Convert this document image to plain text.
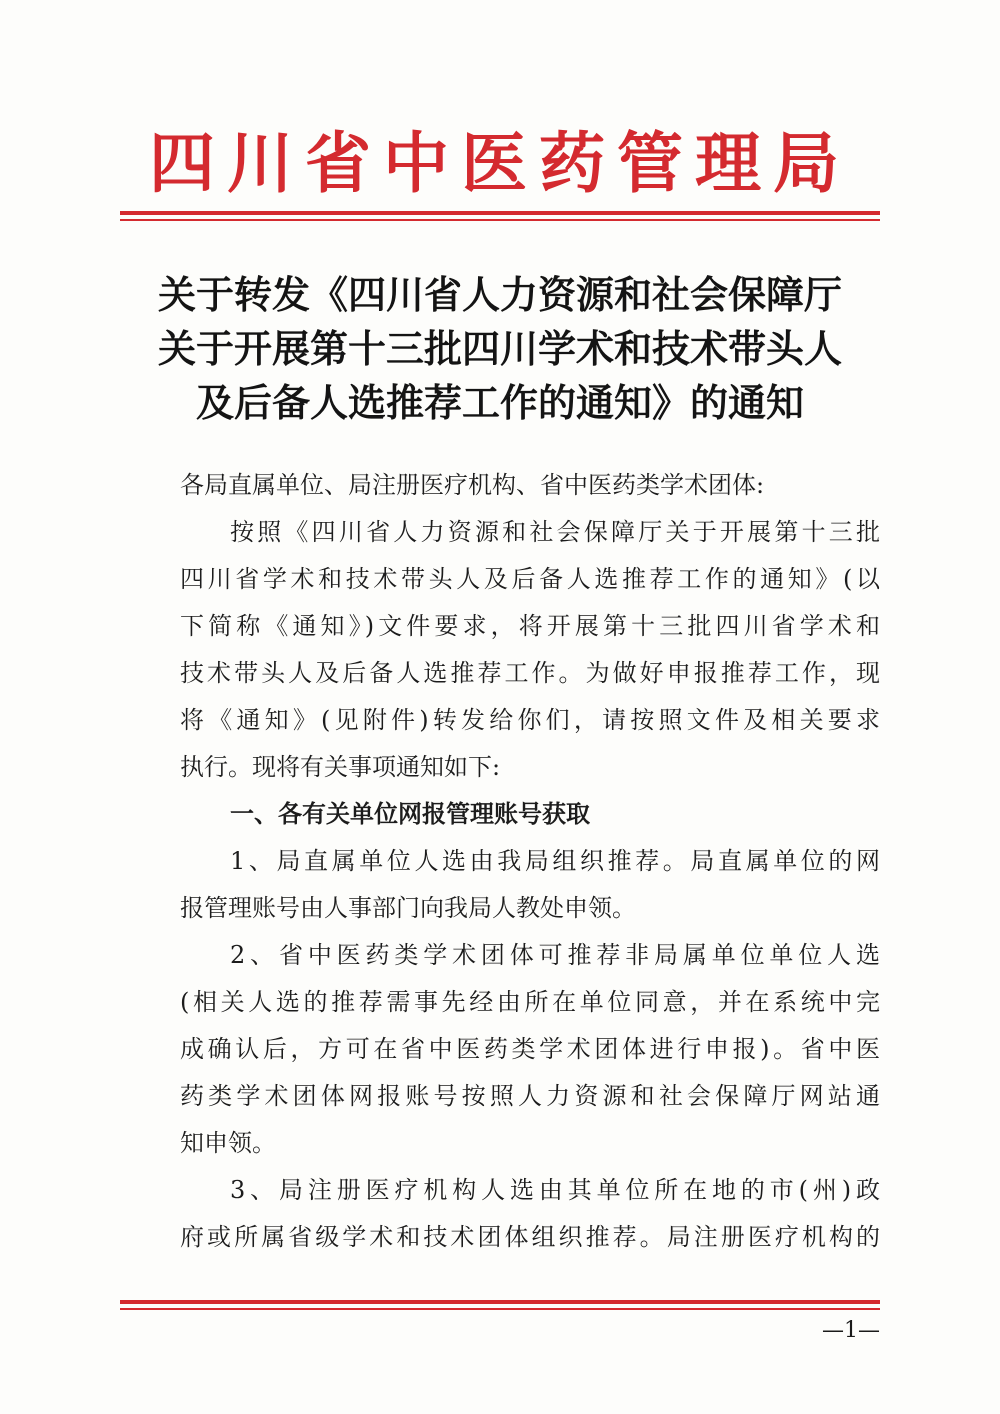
四川省中医药管理局
关于转发《四川省人力资源和社会保障厅
关于开展第十三批四川学术和技术带头人
及后备人选推荐工作的通知》的通知
各局直属单位、局注册医疗机构、省中医药类学术团体:
按照《四川省人力资源和社会保障厅关于开展第十三批
四川省学术和技术带头人及后备人选推荐工作的通知》(以
下简称《通知》)文件要求，将开展第十三批四川省学术和
技术带头人及后备人选推荐工作。为做好申报推荐工作，现
将《通知》(见附件)转发给你们，请按照文件及相关要求
执行。现将有关事项通知如下:
一、各有关单位网报管理账号获取
1、局直属单位人选由我局组织推荐。局直属单位的网
报管理账号由人事部门向我局人教处申领。
2、省中医药类学术团体可推荐非局属单位单位人选
(相关人选的推荐需事先经由所在单位同意，并在系统中完
成确认后，方可在省中医药类学术团体进行申报)。省中医
药类学术团体网报账号按照人力资源和社会保障厅网站通
知申领。
3、局注册医疗机构人选由其单位所在地的市(州)政
府或所属省级学术和技术团体组织推荐。局注册医疗机构的
—1—
